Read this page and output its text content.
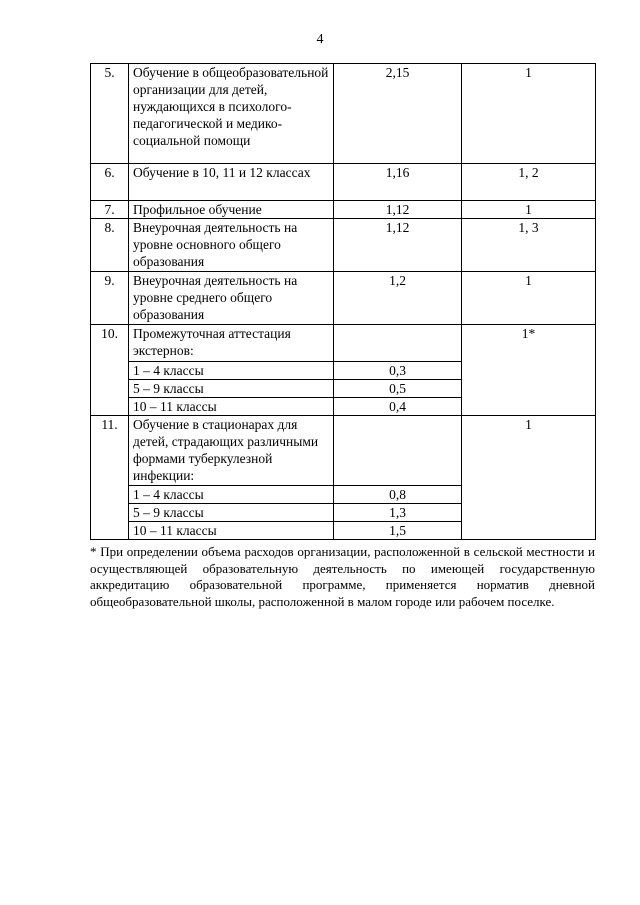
4
5.	Обучение в общеобразовательной организации для детей, нуждающихся в психолого-педагогической и медико-социальной помощи	2,15	1
6.	Обучение в 10, 11 и 12 классах	1,16	1, 2
7.	Профильное обучение	1,12	1
8.	Внеурочная деятельность на уровне основного общего образования	1,12	1, 3
9.	Внеурочная деятельность на уровне среднего общего образования	1,2	1
10.	Промежуточная аттестация экстернов:		1*
	1 – 4 классы	0,3	
	5 – 9 классы	0,5	
	10 – 11 классы	0,4	
11.	Обучение в стационарах для детей, страдающих различными формами туберкулезной инфекции:		1
	1 – 4 классы	0,8	
	5 – 9 классы	1,3	
	10 – 11 классы	1,5	
* При определении объема расходов организации, расположенной в сельской местности и осуществляющей образовательную деятельность по имеющей государственную аккредитацию образовательной программе, применяется норматив дневной общеобразовательной школы, расположенной в малом городе или рабочем поселке.
